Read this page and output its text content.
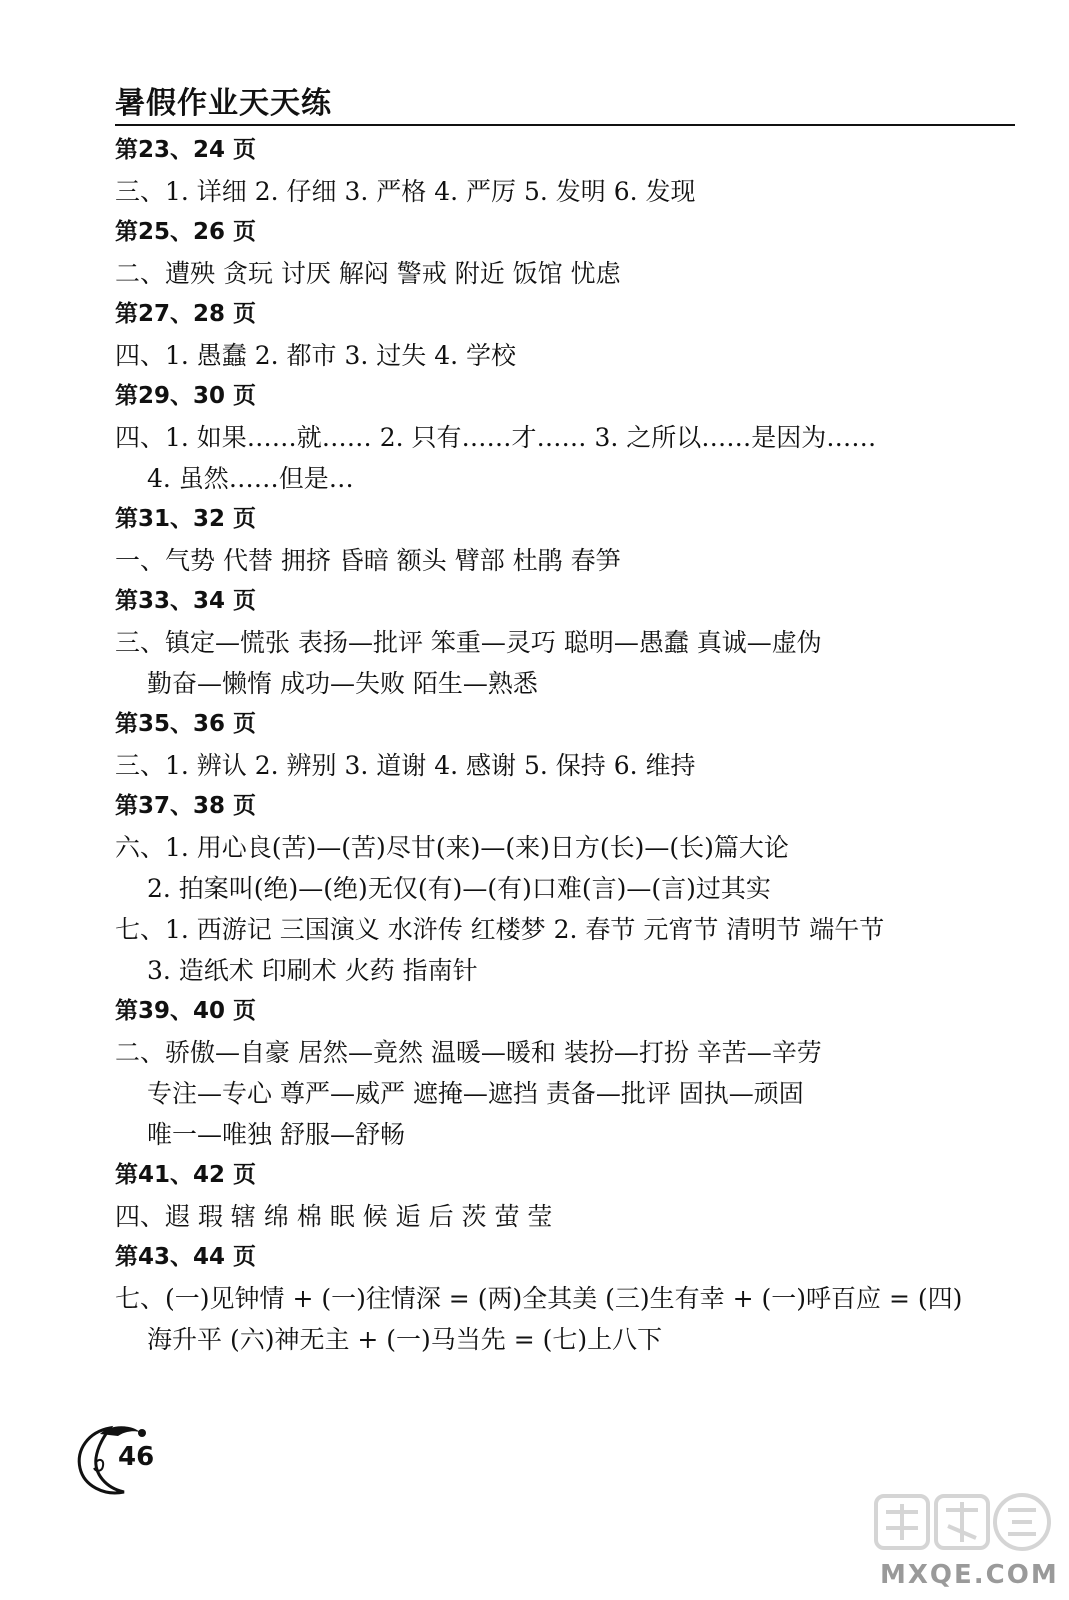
暑假作业天天练
第23、24 页
三、1. 详细 2. 仔细 3. 严格 4. 严厉 5. 发明 6. 发现
第25、26 页
二、遭殃 贪玩 讨厌 解闷 警戒 附近 饭馆 忧虑
第27、28 页
四、1. 愚蠢 2. 都市 3. 过失 4. 学校
第29、30 页
四、1. 如果……就…… 2. 只有……才…… 3. 之所以……是因为……
4. 虽然……但是…
第31、32 页
一、气势 代替 拥挤 昏暗 额头 臂部 杜鹃 春笋
第33、34 页
三、镇定—慌张 表扬—批评 笨重—灵巧 聪明—愚蠢 真诚—虚伪
勤奋—懒惰 成功—失败 陌生—熟悉
第35、36 页
三、1. 辨认 2. 辨别 3. 道谢 4. 感谢 5. 保持 6. 维持
第37、38 页
六、1. 用心良(苦)—(苦)尽甘(来)—(来)日方(长)—(长)篇大论
2. 拍案叫(绝)—(绝)无仅(有)—(有)口难(言)—(言)过其实
七、1. 西游记 三国演义 水浒传 红楼梦 2. 春节 元宵节 清明节 端午节
3. 造纸术 印刷术 火药 指南针
第39、40 页
二、骄傲—自豪 居然—竟然 温暖—暖和 装扮—打扮 辛苦—辛劳
专注—专心 尊严—威严 遮掩—遮挡 责备—批评 固执—顽固
唯一—唯独 舒服—舒畅
第41、42 页
四、遐 瑕 辖 绵 棉 眠 候 逅 后 茨 萤 莹
第43、44 页
七、(一)见钟情 + (一)往情深 = (两)全其美 (三)生有幸 + (一)呼百应 = (四)
海升平 (六)神无主 + (一)马当先 = (七)上八下
46
MXQE.COM
